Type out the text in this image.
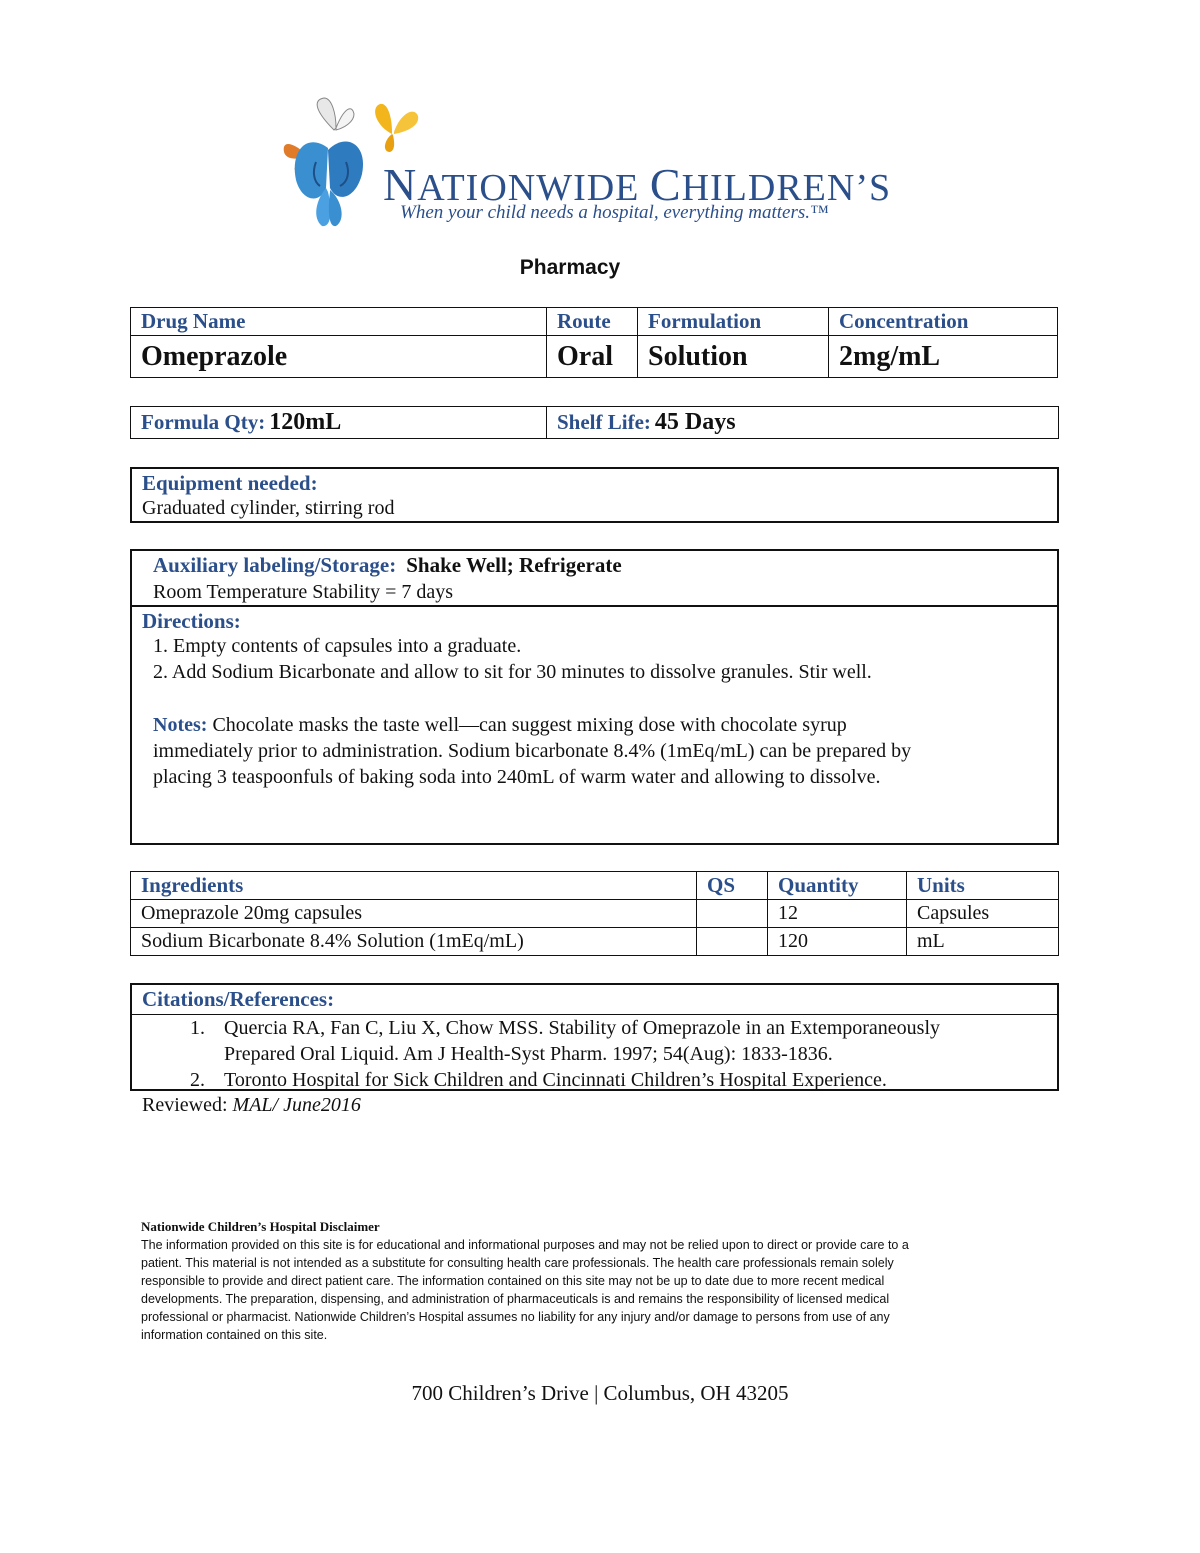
NATIONWIDE CHILDREN’S
When your child needs a hospital, everything matters.™
Pharmacy
Drug Name	Route	Formulation	Concentration
Omeprazole	Oral	Solution	2mg/mL
Formula Qty: 120mL	Shelf Life: 45 Days
Equipment needed:
Graduated cylinder, stirring rod
Auxiliary labeling/Storage: Shake Well; Refrigerate
Room Temperature Stability = 7 days
Directions:
1. Empty contents of capsules into a graduate.
2. Add Sodium Bicarbonate and allow to sit for 30 minutes to dissolve granules. Stir well.
Notes: Chocolate masks the taste well—can suggest mixing dose with chocolate syrup
immediately prior to administration. Sodium bicarbonate 8.4% (1mEq/mL) can be prepared by
placing 3 teaspoonfuls of baking soda into 240mL of warm water and allowing to dissolve.
Ingredients	QS	Quantity	Units
Omeprazole 20mg capsules		12	Capsules
Sodium Bicarbonate 8.4% Solution (1mEq/mL)		120	mL
Citations/References:
1. Quercia RA, Fan C, Liu X, Chow MSS. Stability of Omeprazole in an Extemporaneously
Prepared Oral Liquid. Am J Health-Syst Pharm. 1997; 54(Aug): 1833-1836.
2. Toronto Hospital for Sick Children and Cincinnati Children’s Hospital Experience.
Reviewed: MAL/ June2016
Nationwide Children’s Hospital Disclaimer
The information provided on this site is for educational and informational purposes and may not be relied upon to direct or provide care to a
patient. This material is not intended as a substitute for consulting health care professionals. The health care professionals remain solely
responsible to provide and direct patient care. The information contained on this site may not be up to date due to more recent medical
developments. The preparation, dispensing, and administration of pharmaceuticals is and remains the responsibility of licensed medical
professional or pharmacist. Nationwide Children’s Hospital assumes no liability for any injury and/or damage to persons from use of any
information contained on this site.
700 Children’s Drive | Columbus, OH 43205
